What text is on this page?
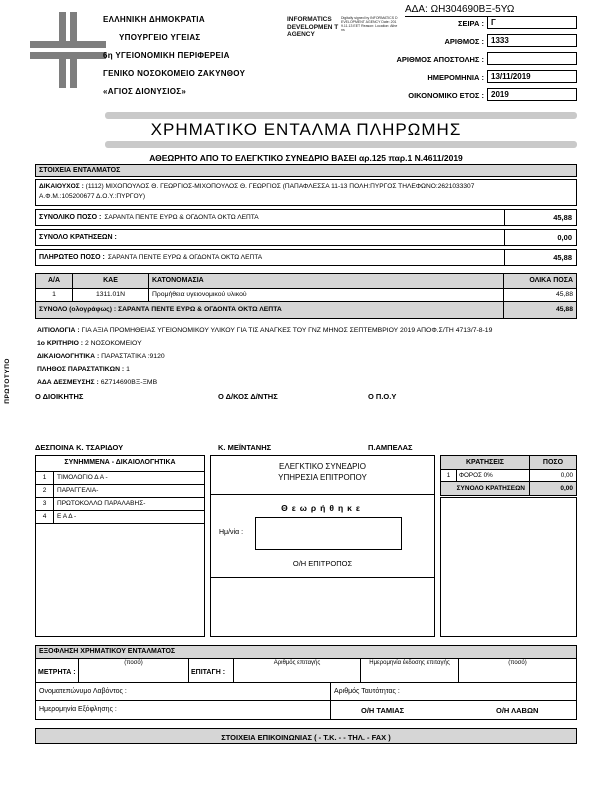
ΕΛΛΗΝΙΚΗ ΔΗΜΟΚΡΑΤΙΑ
ΥΠΟΥΡΓΕΙΟ ΥΓΕΙΑΣ
6η ΥΓΕΙΟΝΟΜΙΚΗ ΠΕΡΙΦΕΡΕΙΑ
ΓΕΝΙΚΟ ΝΟΣΟΚΟΜΕΙΟ ΖΑΚΥΝΘΟΥ
«ΑΓΙΟΣ ΔΙΟΝΥΣΙΟΣ»
INFORMATICS DEVELOPMEN T AGENCY
Digitally signed by INFORMATICS DEVELOPMENT AGENCY Date: 2019.11.13 EET Reason: Location: Athens
ΑΔΑ: ΩΗ304690ΒΞ-5ΥΩ
ΣΕΙΡΑ : Γ
ΑΡΙΘΜΟΣ : 1333
ΑΡΙΘΜΟΣ ΑΠΟΣΤΟΛΗΣ :
ΗΜΕΡΟΜΗΝΙΑ : 13/11/2019
ΟΙΚΟΝΟΜΙΚΟ ΕΤΟΣ : 2019
ΧΡΗΜΑΤΙΚΟ ΕΝΤΑΛΜΑ ΠΛΗΡΩΜΗΣ
ΑΘΕΩΡΗΤΟ ΑΠΟ ΤΟ ΕΛΕΓΚΤΙΚΟ ΣΥΝΕΔΡΙΟ ΒΑΣΕΙ αρ.125 παρ.1 Ν.4611/2019
ΣΤΟΙΧΕΙΑ ΕΝΤΑΛΜΑΤΟΣ
ΔΙΚΑΙΟΥΧΟΣ : (1112) ΜΙΧΟΠΟΥΛΟΣ Θ. ΓΕΩΡΓΙΟΣ-ΜΙΧΟΠΟΥΛΟΣ Θ. ΓΕΩΡΓΙΟΣ (ΠΑΠΑΦΛΕΣΣΑ 11-13 ΠΟΛΗ:ΠΥΡΓΟΣ ΤΗΛΕΦΩΝΟ:2621033307
Α.Φ.Μ.:105200677 Δ.Ο.Υ.:ΠΥΡΓΟΥ)
ΣΥΝΟΛΙΚΟ ΠΟΣΟ : ΣΑΡΑΝΤΑ ΠΕΝΤΕ ΕΥΡΩ & ΟΓΔΟΝΤΑ ΟΚΤΩ ΛΕΠΤΑ	45,88
ΣΥΝΟΛΟ ΚΡΑΤΗΣΕΩΝ :	0,00
ΠΛΗΡΩΤΕΟ ΠΟΣΟ : ΣΑΡΑΝΤΑ ΠΕΝΤΕ ΕΥΡΩ & ΟΓΔΟΝΤΑ ΟΚΤΩ ΛΕΠΤΑ	45,88
Α/Α	ΚΑΕ	ΚΑΤΟΝΟΜΑΣΙΑ	ΟΛΙΚΑ ΠΟΣΑ
1	1311.01Ν	Προμήθεια υγειονομικού υλικού	45,88
ΣΥΝΟΛΟ (ολογράφως) : ΣΑΡΑΝΤΑ ΠΕΝΤΕ ΕΥΡΩ & ΟΓΔΟΝΤΑ ΟΚΤΩ ΛΕΠΤΑ	45,88
ΑΙΤΙΟΛΟΓΙΑ : ΓΙΑ ΑΞΙΑ ΠΡΟΜΗΘΕΙΑΣ ΥΓΕΙΟΝΟΜΙΚΟΥ ΥΛΙΚΟΥ ΓΙΑ ΤΙΣ ΑΝΑΓΚΕΣ ΤΟΥ ΓΝΖ ΜΗΝΟΣ ΣΕΠΤΕΜΒΡΙΟΥ 2019 ΑΠΟΦ.Σ/ΤΗ 4713/7-8-19
1ο ΚΡΙΤΗΡΙΟ : 2 ΝΟΣΟΚΟΜΕΙΟΥ
ΔΙΚΑΙΟΛΟΓΗΤΙΚΑ : ΠΑΡΑΣΤΑΤΙΚΑ :9120
ΠΛΗΘΟΣ ΠΑΡΑΣΤΑΤΙΚΩΝ : 1
ΑΔΑ ΔΕΣΜΕΥΣΗΣ : 6Ζ714690ΒΞ-ΞΜΒ
ΠΡΩΤΟΤΥΠΟ	Ο ΔΙΟΙΚΗΤΗΣ	Ο Δ/ΚΟΣ Δ/ΝΤΗΣ	Ο Π.Ο.Υ
ΔΕΣΠΟΙΝΑ Κ. ΤΣΑΡΙΔΟΥ	Κ. ΜΕΪΝΤΑΝΗΣ	Π.ΑΜΠΕΛΑΣ
ΣΥΝΗΜΜΕΝΑ - ΔΙΚΑΙΟΛΟΓΗΤΙΚΑ
1	ΤΙΜΟΛΟΓΙΟ Δ Α -
2	ΠΑΡΑΓΓΕΛΙΑ-
3	ΠΡΩΤΟΚΟΛΛΟ ΠΑΡΑΛΑΒΗΣ-
4	Ε Α Δ -
ΕΛΕΓΚΤΙΚΟ ΣΥΝΕΔΡΙΟ
ΥΠΗΡΕΣΙΑ ΕΠΙΤΡΟΠΟΥ
Θεωρήθηκε
Ημ/νία :
Ο/Η ΕΠΙΤΡΟΠΟΣ
ΚΡΑΤΗΣΕΙΣ	ΠΟΣΟ
1	ΦΟΡΟΣ 0%	0,00
ΣΥΝΟΛΟ ΚΡΑΤΗΣΕΩΝ	0,00
ΕΞΟΦΛΗΣΗ ΧΡΗΜΑΤΙΚΟΥ ΕΝΤΑΛΜΑΤΟΣ
ΜΕΤΡΗΤΑ :
(ποσό)
ΕΠΙΤΑΓΗ :
Αριθμός επιταγής	Ημερομηνία έκδοσης επιταγής	(ποσό)
Ονοματεπώνυμο Λαβόντος :	Αριθμός Ταυτότητας :
Ημερομηνία Εξόφλησης :	Ο/Η ΤΑΜΙΑΣ	Ο/Η ΛΑΒΩΝ
ΣΤΟΙΧΕΙΑ ΕΠΙΚΟΙΝΩΝΙΑΣ ( - Τ.Κ. - - ΤΗΛ. - FAX )
